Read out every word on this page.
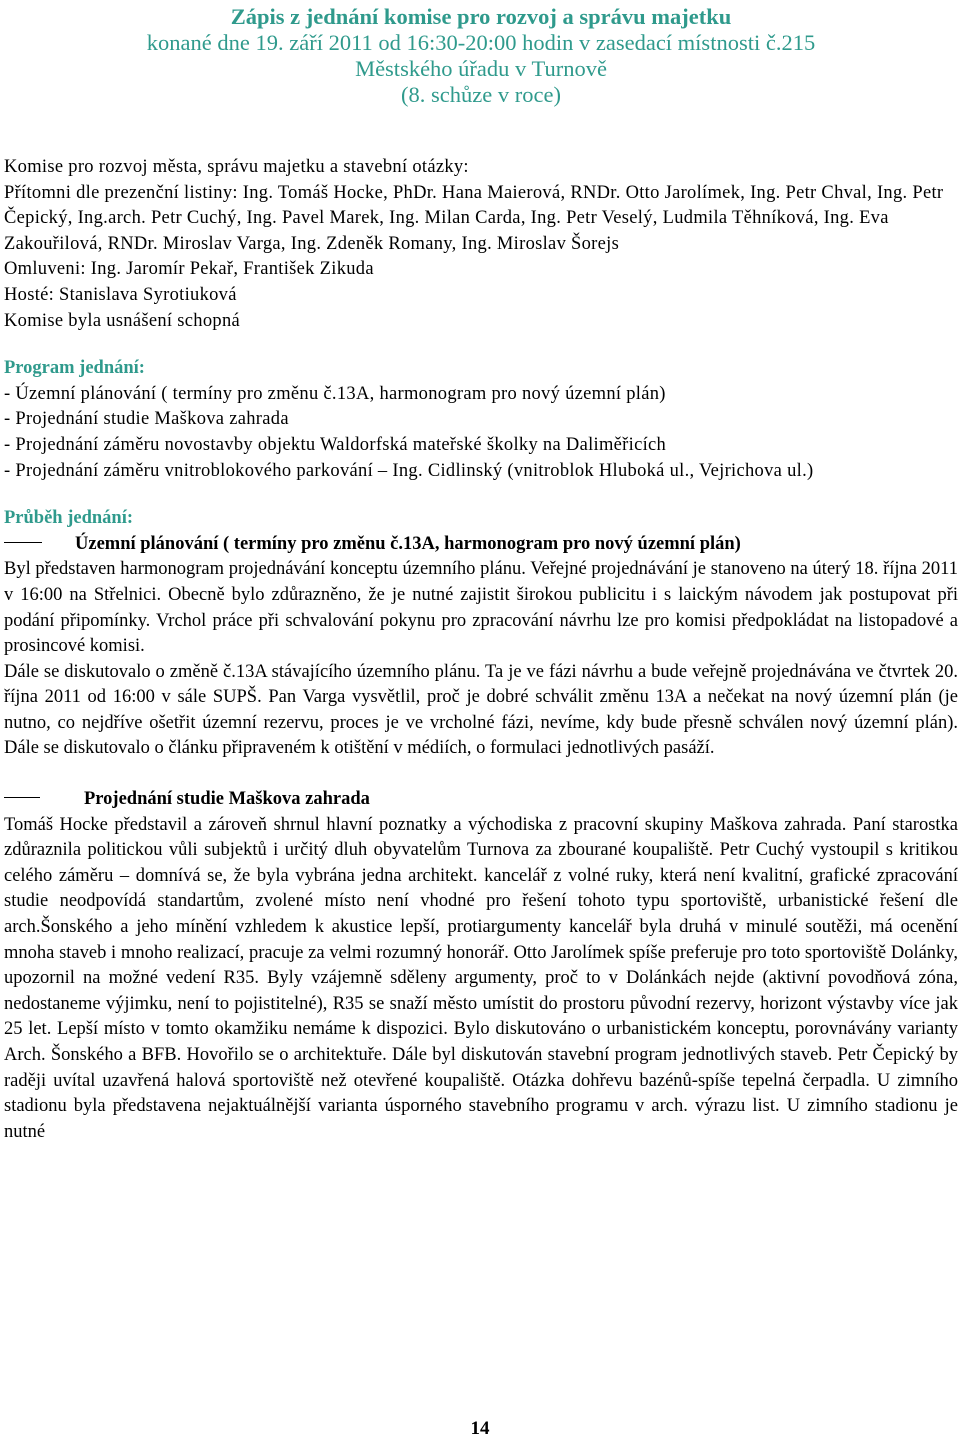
Zápis z jednání komise pro rozvoj a správu majetku
konané dne 19. září 2011 od 16:30-20:00 hodin v zasedací místnosti č.215
Městského úřadu v Turnově
(8. schůze v roce)
Komise pro rozvoj města, správu majetku a stavební otázky:
Přítomni dle prezenční listiny: Ing. Tomáš Hocke, PhDr. Hana Maierová, RNDr. Otto Jarolímek, Ing. Petr Chval, Ing. Petr Čepický, Ing.arch. Petr Cuchý, Ing. Pavel Marek, Ing. Milan Carda, Ing. Petr Veselý, Ludmila Těhníková, Ing. Eva Zakouřilová, RNDr. Miroslav Varga, Ing. Zdeněk Romany, Ing. Miroslav Šorejs
Omluveni: Ing. Jaromír Pekař, František Zikuda
Hosté: Stanislava Syrotiuková
Komise byla usnášení schopná
Program jednání:
- Územní plánování ( termíny pro změnu č.13A, harmonogram pro nový územní plán)
- Projednání studie Maškova zahrada
- Projednání záměru novostavby objektu Waldorfská mateřské školky na Daliměřicích
- Projednání záměru vnitroblokového parkování – Ing. Cidlinský (vnitroblok Hluboká ul., Vejrichova ul.)
Průběh jednání:
Územní plánování ( termíny pro změnu č.13A, harmonogram pro nový územní plán)
Byl představen harmonogram projednávání konceptu územního plánu. Veřejné projednávání je stanoveno na úterý 18. října 2011 v 16:00 na Střelnici. Obecně bylo zdůrazněno, že je nutné zajistit širokou publicitu i s laickým návodem jak postupovat při podání připomínky. Vrchol práce při schvalování pokynu pro zpracování návrhu lze pro komisi předpokládat na listopadové a prosincové komisi.
Dále se diskutovalo o změně č.13A stávajícího územního plánu. Ta je ve fázi návrhu a bude veřejně projednávána ve čtvrtek 20. října 2011 od 16:00 v sále SUPŠ. Pan Varga vysvětlil, proč je dobré schválit změnu 13A a nečekat na nový územní plán (je nutno, co nejdříve ošetřit územní rezervu, proces je ve vrcholné fázi, nevíme, kdy bude přesně schválen nový územní plán). Dále se diskutovalo o článku připraveném k otištění v médiích, o formulaci jednotlivých pasáží.
Projednání studie Maškova zahrada
Tomáš Hocke představil a zároveň shrnul hlavní poznatky a východiska z pracovní skupiny Maškova zahrada. Paní starostka zdůraznila politickou vůli subjektů i určitý dluh obyvatelům Turnova za zbourané koupaliště. Petr Cuchý vystoupil s kritikou celého záměru – domnívá se, že byla vybrána jedna architekt. kancelář z volné ruky, která není kvalitní, grafické zpracování studie neodpovídá standartům, zvolené místo není vhodné pro řešení tohoto typu sportoviště, urbanistické řešení dle arch.Šonského a jeho mínění vzhledem k akustice lepší, protiargumenty kancelář byla druhá v minulé soutěži, má ocenění mnoha staveb i mnoho realizací, pracuje za velmi rozumný honorář. Otto Jarolímek spíše preferuje pro toto sportoviště Dolánky, upozornil na možné vedení R35. Byly vzájemně sděleny argumenty, proč to v Dolánkách nejde (aktivní povodňová zóna, nedostaneme výjimku, není to pojistitelné), R35 se snaží město umístit do prostoru původní rezervy, horizont výstavby více jak 25 let. Lepší místo v tomto okamžiku nemáme k dispozici. Bylo diskutováno o urbanistickém konceptu, porovnávány varianty Arch. Šonského a BFB. Hovořilo se o architektuře. Dále byl diskutován stavební program jednotlivých staveb. Petr Čepický by raději uvítal uzavřená halová sportoviště než otevřené koupaliště. Otázka dohřevu bazénů-spíše tepelná čerpadla. U zimního stadionu byla představena nejaktuálnější varianta úsporného stavebního programu v arch. výrazu list. U zimního stadionu je nutné
14
